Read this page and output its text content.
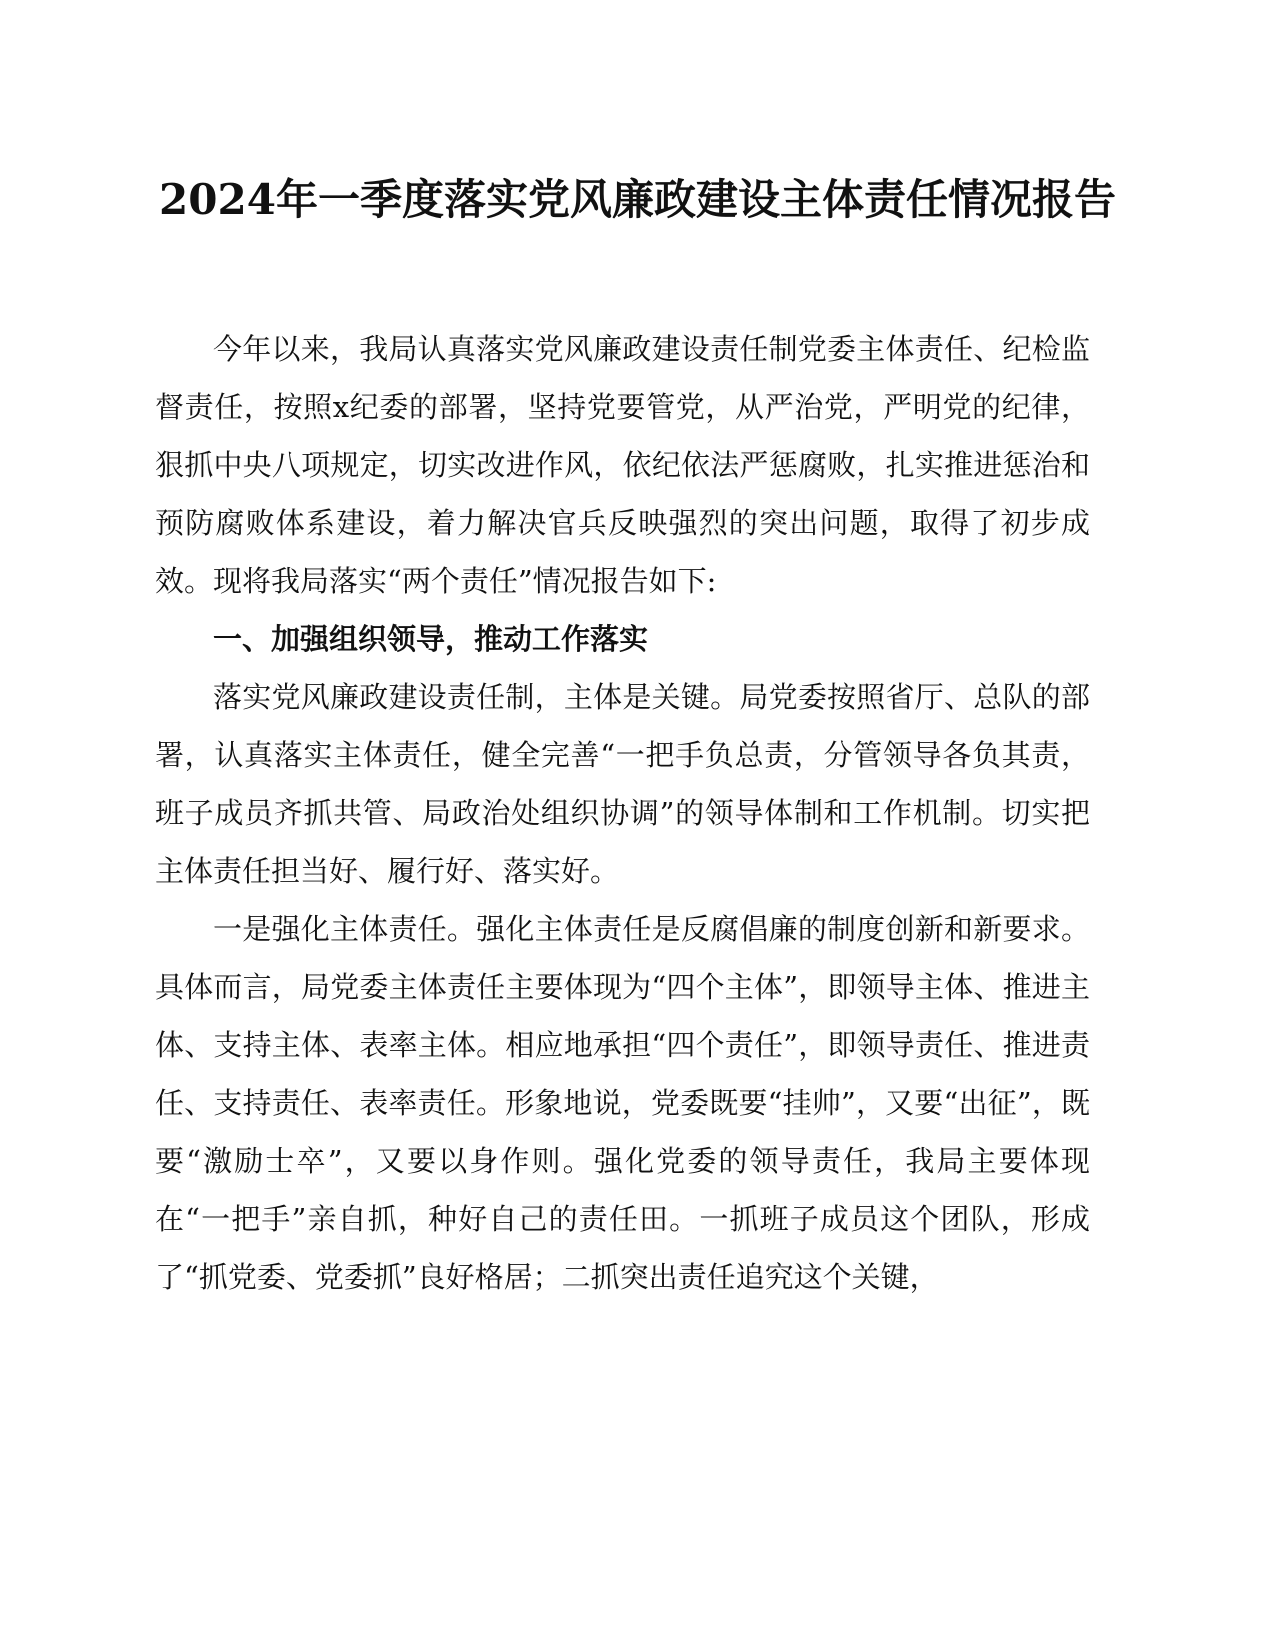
2024年一季度落实党风廉政建设主体责任情况报告

今年以来，我局认真落实党风廉政建设责任制党委主体责任、纪检监督责任，按照x纪委的部署，坚持党要管党，从严治党，严明党的纪律，狠抓中央八项规定，切实改进作风，依纪依法严惩腐败，扎实推进惩治和预防腐败体系建设，着力解决官兵反映强烈的突出问题，取得了初步成效。现将我局落实“两个责任”情况报告如下:

一、加强组织领导，推动工作落实

落实党风廉政建设责任制，主体是关键。局党委按照省厅、总队的部署，认真落实主体责任，健全完善“一把手负总责，分管领导各负其责，班子成员齐抓共管、局政治处组织协调”的领导体制和工作机制。切实把主体责任担当好、履行好、落实好。

一是强化主体责任。强化主体责任是反腐倡廉的制度创新和新要求。具体而言，局党委主体责任主要体现为“四个主体”，即领导主体、推进主体、支持主体、表率主体。相应地承担“四个责任”，即领导责任、推进责任、支持责任、表率责任。形象地说，党委既要“挂帅”，又要“出征”，既要“激励士卒”，又要以身作则。强化党委的领导责任，我局主要体现在“一把手”亲自抓，种好自己的责任田。一抓班子成员这个团队，形成了“抓党委、党委抓”良好格居；二抓突出责任追究这个关键，
